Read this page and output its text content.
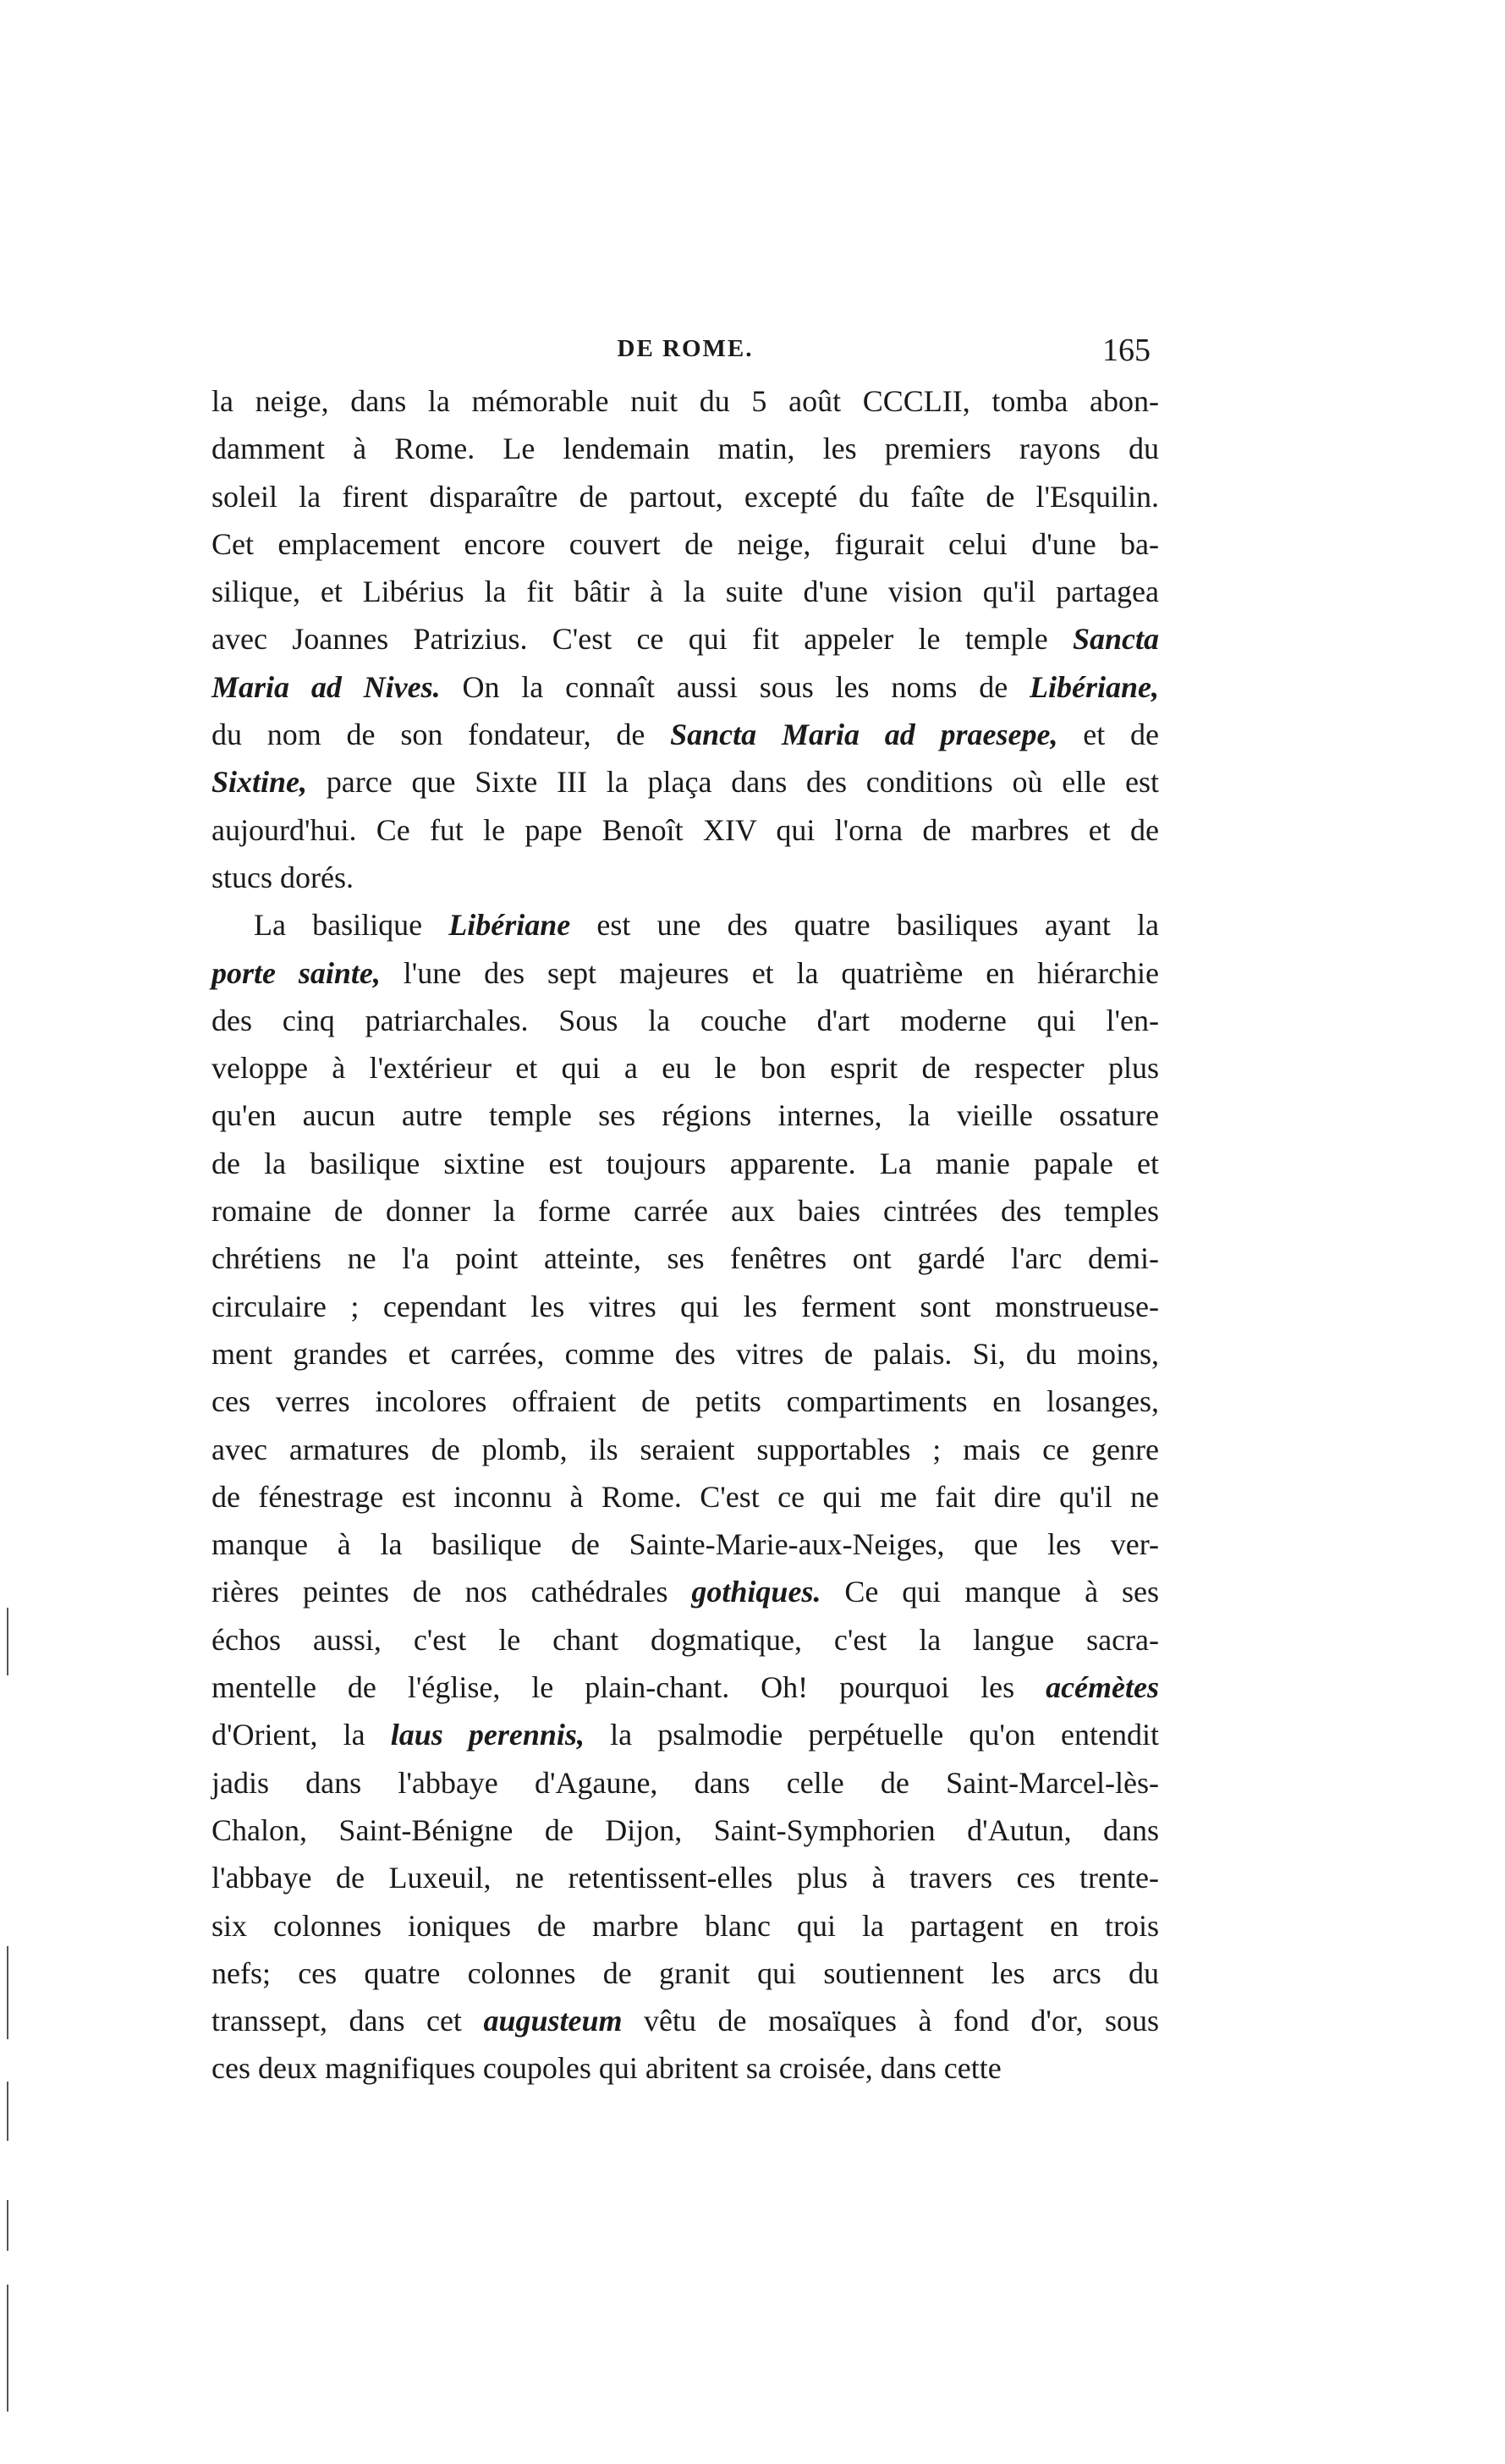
DE ROME.	165
la neige, dans la mémorable nuit du 5 août CCCLII, tomba abon-
damment à Rome. Le lendemain matin, les premiers rayons du
soleil la firent disparaître de partout, excepté du faîte de l'Esquilin.
Cet emplacement encore couvert de neige, figurait celui d'une ba-
silique, et Libérius la fit bâtir à la suite d'une vision qu'il partagea
avec Joannes Patrizius. C'est ce qui fit appeler le temple Sancta
Maria ad Nives. On la connaît aussi sous les noms de Libériane,
du nom de son fondateur, de Sancta Maria ad praesepe, et de
Sixtine, parce que Sixte III la plaça dans des conditions où elle est
aujourd'hui. Ce fut le pape Benoît XIV qui l'orna de marbres et de
stucs dorés.
La basilique Libériane est une des quatre basiliques ayant la
porte sainte, l'une des sept majeures et la quatrième en hiérarchie
des cinq patriarchales. Sous la couche d'art moderne qui l'en-
veloppe à l'extérieur et qui a eu le bon esprit de respecter plus
qu'en aucun autre temple ses régions internes, la vieille ossature
de la basilique sixtine est toujours apparente. La manie papale et
romaine de donner la forme carrée aux baies cintrées des temples
chrétiens ne l'a point atteinte, ses fenêtres ont gardé l'arc demi-
circulaire ; cependant les vitres qui les ferment sont monstrueuse-
ment grandes et carrées, comme des vitres de palais. Si, du moins,
ces verres incolores offraient de petits compartiments en losanges,
avec armatures de plomb, ils seraient supportables ; mais ce genre
de fénestrage est inconnu à Rome. C'est ce qui me fait dire qu'il ne
manque à la basilique de Sainte-Marie-aux-Neiges, que les ver-
rières peintes de nos cathédrales gothiques. Ce qui manque à ses
échos aussi, c'est le chant dogmatique, c'est la langue sacra-
mentelle de l'église, le plain-chant. Oh! pourquoi les acémètes
d'Orient, la laus perennis, la psalmodie perpétuelle qu'on entendit
jadis dans l'abbaye d'Agaune, dans celle de Saint-Marcel-lès-
Chalon, Saint-Bénigne de Dijon, Saint-Symphorien d'Autun, dans
l'abbaye de Luxeuil, ne retentissent-elles plus à travers ces trente-
six colonnes ioniques de marbre blanc qui la partagent en trois
nefs; ces quatre colonnes de granit qui soutiennent les arcs du
transsept, dans cet augusteum vêtu de mosaïques à fond d'or, sous
ces deux magnifiques coupoles qui abritent sa croisée, dans cette
